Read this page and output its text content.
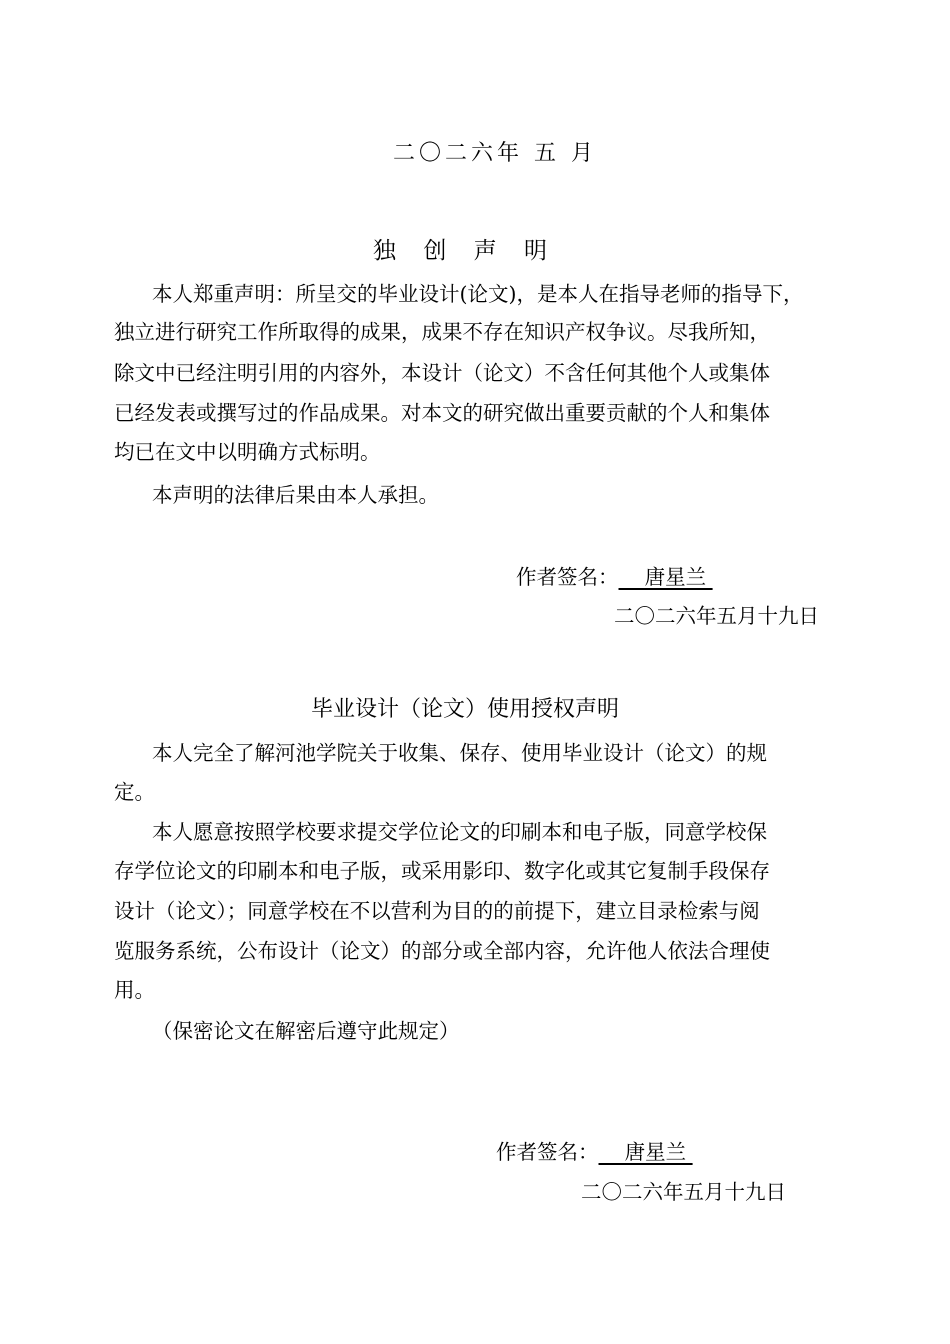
二〇二六年 五 月
独 创 声 明
本人郑重声明：所呈交的毕业设计(论文)，是本人在指导老师的指导下，
独立进行研究工作所取得的成果，成果不存在知识产权争议。尽我所知，
除文中已经注明引用的内容外，本设计（论文）不含任何其他个人或集体
已经发表或撰写过的作品成果。对本文的研究做出重要贡献的个人和集体
均已在文中以明确方式标明。
本声明的法律后果由本人承担。
作者签名：    唐星兰
二〇二六年五月十九日
毕业设计（论文）使用授权声明
本人完全了解河池学院关于收集、保存、使用毕业设计（论文）的规
定。
本人愿意按照学校要求提交学位论文的印刷本和电子版，同意学校保
存学位论文的印刷本和电子版，或采用影印、数字化或其它复制手段保存
设计（论文）；同意学校在不以营利为目的的前提下，建立目录检索与阅
览服务系统，公布设计（论文）的部分或全部内容，允许他人依法合理使
用。
（保密论文在解密后遵守此规定）
作者签名：    唐星兰
二〇二六年五月十九日
